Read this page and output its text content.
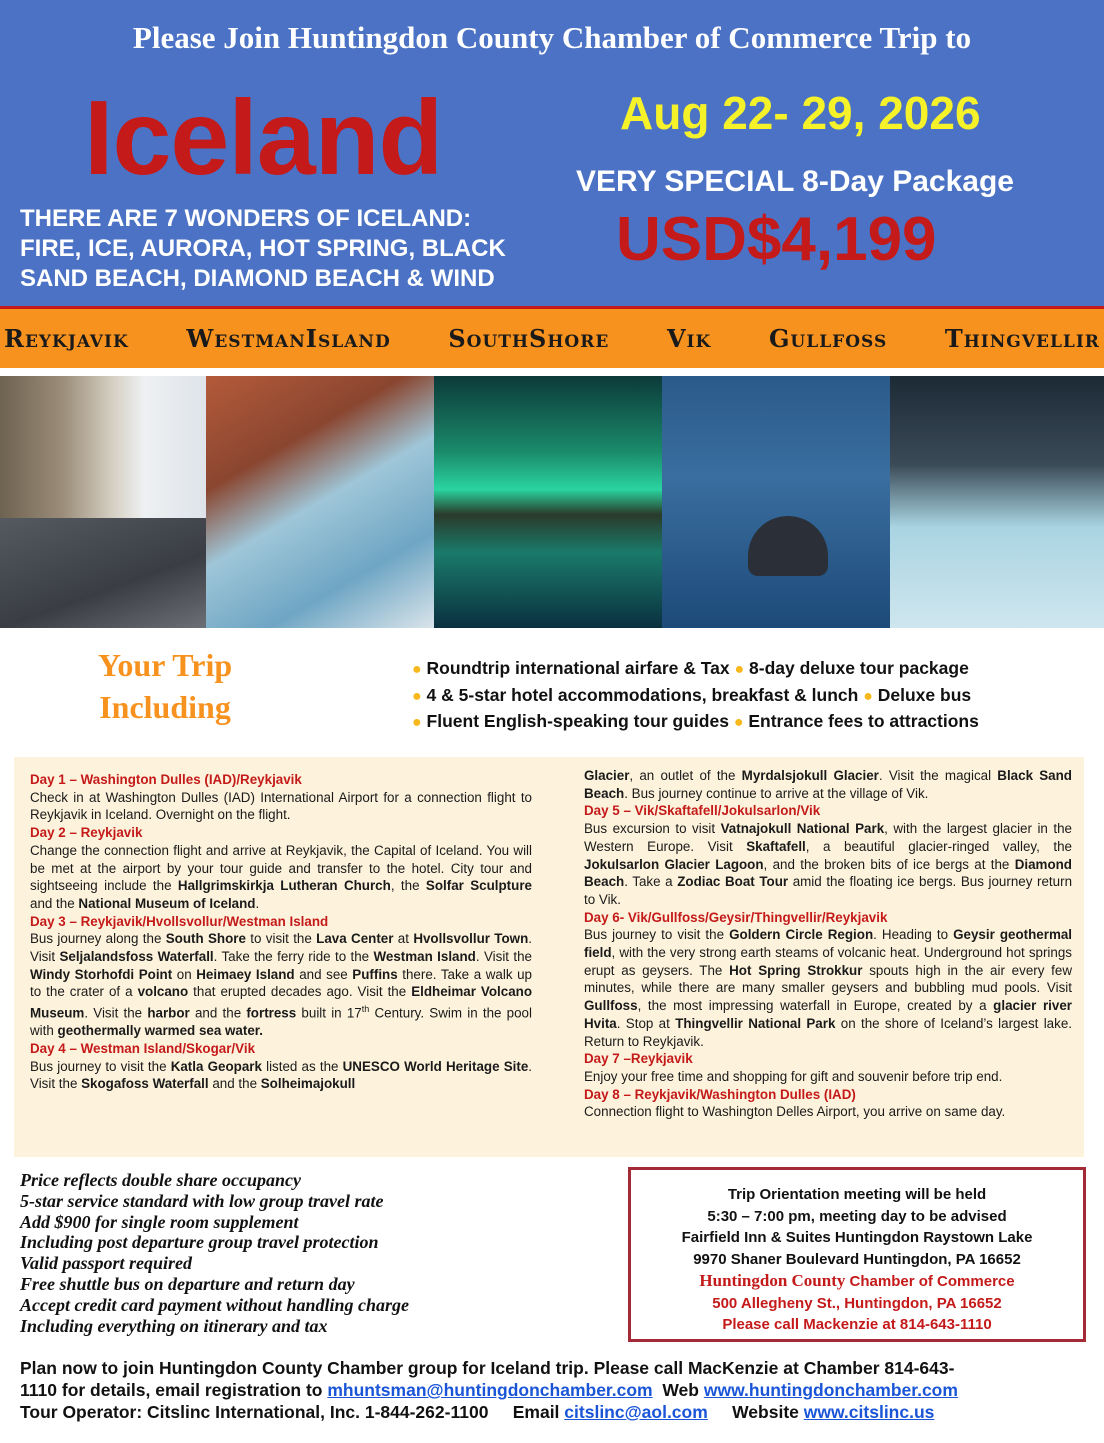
Please Join Huntingdon County Chamber of Commerce Trip to
Iceland	Aug 22- 29, 2026
VERY SPECIAL 8-Day Package
USD$4,199
THERE ARE 7 WONDERS OF ICELAND:
FIRE, ICE, AURORA, HOT SPRING, BLACK
SAND BEACH, DIAMOND BEACH & WIND
Reykjavik WestmanIsland SouthShore Vik Gullfoss Thingvellir
Your Trip
Including
● Roundtrip international airfare & Tax ● 8-day deluxe tour package
● 4 & 5-star hotel accommodations, breakfast & lunch ● Deluxe bus
● Fluent English-speaking tour guides ● Entrance fees to attractions
Day 1 – Washington Dulles (IAD)/Reykjavik
Check in at Washington Dulles (IAD) International Airport for a connection flight to Reykjavik in Iceland. Overnight on the flight.
Day 2 – Reykjavik
Change the connection flight and arrive at Reykjavik, the Capital of Iceland. You will be met at the airport by your tour guide and transfer to the hotel. City tour and sightseeing include the Hallgrimskirkja Lutheran Church, the Solfar Sculpture and the National Museum of Iceland.
Day 3 – Reykjavik/Hvollsvollur/Westman Island
Bus journey along the South Shore to visit the Lava Center at Hvollsvollur Town. Visit Seljalandsfoss Waterfall. Take the ferry ride to the Westman Island. Visit the Windy Storhofdi Point on Heimaey Island and see Puffins there. Take a walk up to the crater of a volcano that erupted decades ago. Visit the Eldheimar Volcano Museum. Visit the harbor and the fortress built in 17th Century. Swim in the pool with geothermally warmed sea water.
Day 4 – Westman Island/Skogar/Vik
Bus journey to visit the Katla Geopark listed as the UNESCO World Heritage Site. Visit the Skogafoss Waterfall and the Solheimajokull
Glacier, an outlet of the Myrdalsjokull Glacier. Visit the magical Black Sand Beach. Bus journey continue to arrive at the village of Vik.
Day 5 – Vik/Skaftafell/Jokulsarlon/Vik
Bus excursion to visit Vatnajokull National Park, with the largest glacier in the Western Europe. Visit Skaftafell, a beautiful glacier-ringed valley, the Jokulsarlon Glacier Lagoon, and the broken bits of ice bergs at the Diamond Beach. Take a Zodiac Boat Tour amid the floating ice bergs. Bus journey return to Vik.
Day 6- Vik/Gullfoss/Geysir/Thingvellir/Reykjavik
Bus journey to visit the Goldern Circle Region. Heading to Geysir geothermal field, with the very strong earth steams of volcanic heat. Underground hot springs erupt as geysers. The Hot Spring Strokkur spouts high in the air every few minutes, while there are many smaller geysers and bubbling mud pools. Visit Gullfoss, the most impressing waterfall in Europe, created by a glacier river Hvita. Stop at Thingvellir National Park on the shore of Iceland’s largest lake. Return to Reykjavik.
Day 7 –Reykjavik
Enjoy your free time and shopping for gift and souvenir before trip end.
Day 8 – Reykjavik/Washington Dulles (IAD)
Connection flight to Washington Delles Airport, you arrive on same day.
Price reflects double share occupancy
5-star service standard with low group travel rate
Add $900 for single room supplement
Including post departure group travel protection
Valid passport required
Free shuttle bus on departure and return day
Accept credit card payment without handling charge
Including everything on itinerary and tax
Trip Orientation meeting will be held
5:30 – 7:00 pm, meeting day to be advised
Fairfield Inn & Suites Huntingdon Raystown Lake
9970 Shaner Boulevard Huntingdon, PA 16652
Huntingdon County Chamber of Commerce
500 Allegheny St., Huntingdon, PA 16652
Please call Mackenzie at 814-643-1110
Plan now to join Huntingdon County Chamber group for Iceland trip. Please call MacKenzie at Chamber 814-643-
1110 for details, email registration to mhuntsman@huntingdonchamber.com  Web www.huntingdonchamber.com
Tour Operator: Citslinc International, Inc. 1-844-262-1100     Email citslinc@aol.com     Website www.citslinc.us
